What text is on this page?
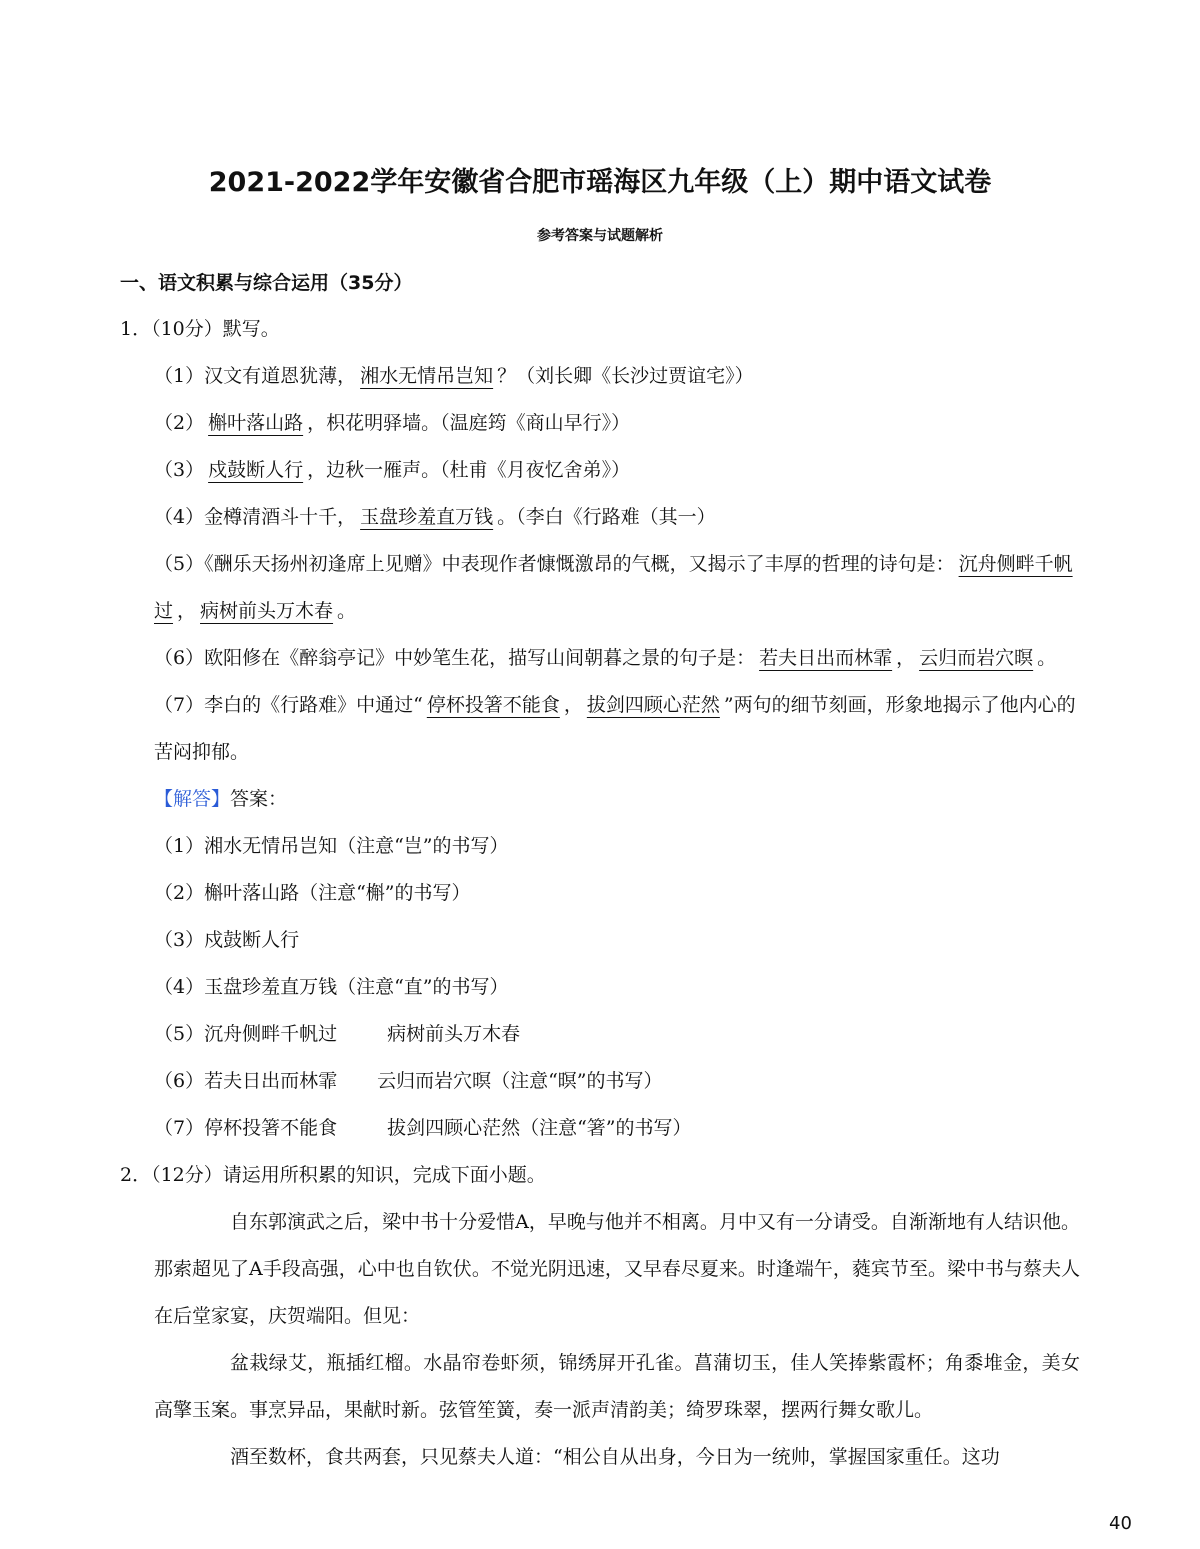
2021-2022学年安徽省合肥市瑶海区九年级（上）期中语文试卷
参考答案与试题解析
一、语文积累与综合运用（35分）

1．（10分）默写。

（1）汉文有道恩犹薄， 湘水无情吊岂知 ？（刘长卿《长沙过贾谊宅》）

（2） 槲叶落山路 ，枳花明驿墙。（温庭筠《商山早行》）

（3） 戍鼓断人行 ，边秋一雁声。（杜甫《月夜忆舍弟》）

（4）金樽清酒斗十千， 玉盘珍羞直万钱 。（李白《行路难（其一）

（5）《酬乐天扬州初逢席上见赠》中表现作者慷慨激昂的气概，又揭示了丰厚的哲理的诗句是： 沉舟侧畔千帆过 ， 病树前头万木春 。

（6）欧阳修在《醉翁亭记》中妙笔生花，描写山间朝暮之景的句子是： 若夫日出而林霏 ， 云归而岩穴暝 。

（7）李白的《行路难》中通过“ 停杯投箸不能食 ， 拔剑四顾心茫然 ”两句的细节刻画，形象地揭示了他内心的苦闷抑郁。

【解答】答案：

（1）湘水无情吊岂知（注意“岂”的书写）

（2）槲叶落山路（注意“槲”的书写）

（3）戍鼓断人行

（4）玉盘珍羞直万钱（注意“直”的书写）

（5）沉舟侧畔千帆过	病树前头万木春

（6）若夫日出而林霏 云归而岩穴暝（注意“暝”的书写）

（7）停杯投箸不能食	拔剑四顾心茫然（注意“箸”的书写）

2．（12分）请运用所积累的知识，完成下面小题。

自东郭演武之后，梁中书十分爱惜A，早晚与他并不相离。月中又有一分请受。自渐渐地有人结识他。那索超见了A手段高强，心中也自钦伏。不觉光阴迅速，又早春尽夏来。时逢端午，蕤宾节至。梁中书与蔡夫人在后堂家宴，庆贺端阳。但见：

盆栽绿艾，瓶插红榴。水晶帘卷虾须，锦绣屏开孔雀。菖蒲切玉，佳人笑捧紫霞杯；角黍堆金，美女高擎玉案。事烹异品，果献时新。弦管笙簧，奏一派声清韵美；绮罗珠翠，摆两行舞女歌儿。

酒至数杯，食共两套，只见蔡夫人道：“相公自从出身，今日为一统帅，掌握国家重任。这功

40
